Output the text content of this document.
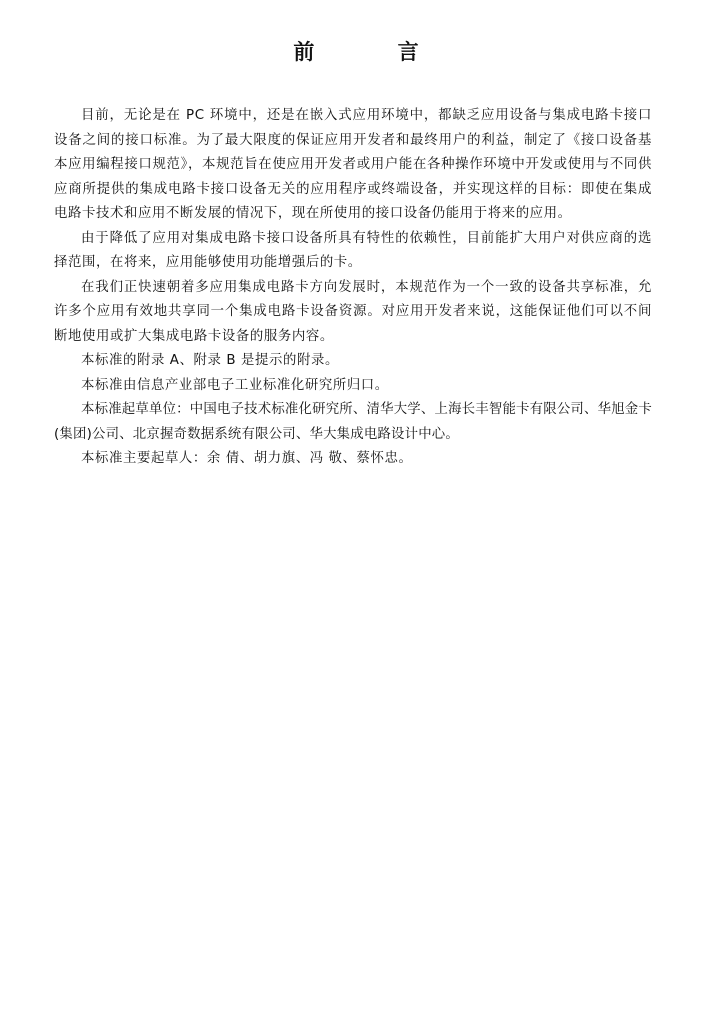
前 言

目前，无论是在 PC 环境中，还是在嵌入式应用环境中，都缺乏应用设备与集成电路卡接口设备之间的接口标准。为了最大限度的保证应用开发者和最终用户的利益，制定了《接口设备基本应用编程接口规范》，本规范旨在使应用开发者或用户能在各种操作环境中开发或使用与不同供应商所提供的集成电路卡接口设备无关的应用程序或终端设备，并实现这样的目标：即使在集成电路卡技术和应用不断发展的情况下，现在所使用的接口设备仍能用于将来的应用。

由于降低了应用对集成电路卡接口设备所具有特性的依赖性，目前能扩大用户对供应商的选择范围，在将来，应用能够使用功能增强后的卡。

在我们正快速朝着多应用集成电路卡方向发展时，本规范作为一个一致的设备共享标准，允许多个应用有效地共享同一个集成电路卡设备资源。对应用开发者来说，这能保证他们可以不间断地使用或扩大集成电路卡设备的服务内容。

本标准的附录 A、附录 B 是提示的附录。

本标准由信息产业部电子工业标准化研究所归口。

本标准起草单位：中国电子技术标准化研究所、清华大学、上海长丰智能卡有限公司、华旭金卡(集团)公司、北京握奇数据系统有限公司、华大集成电路设计中心。

本标准主要起草人：余 倩、胡力旗、冯 敬、蔡怀忠。
